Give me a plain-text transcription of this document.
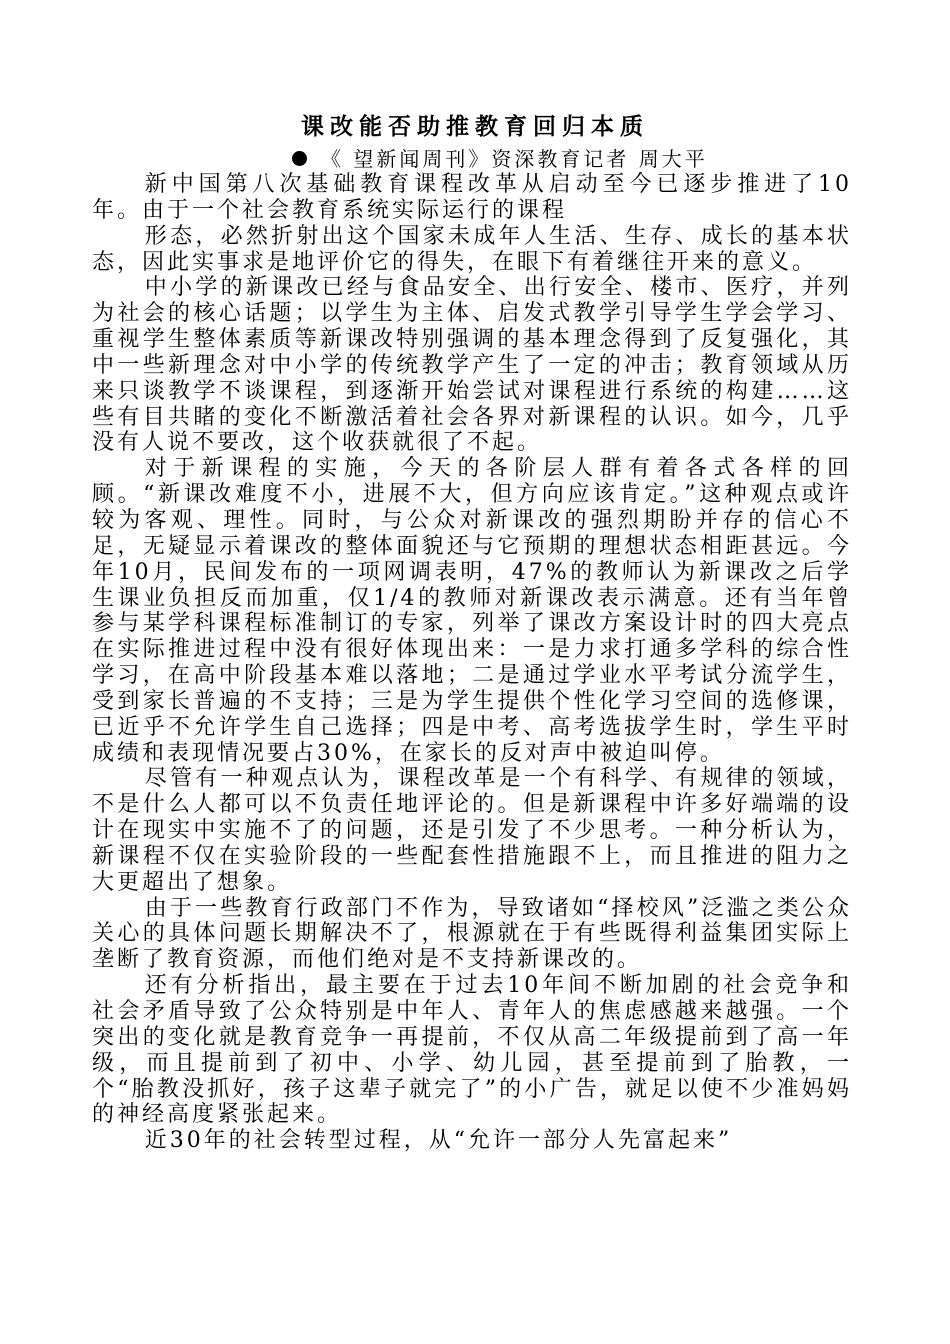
课改能否助推教育回归本质
《 望新闻周刊》资深教育记者 周大平

新中国第八次基础教育课程改革从启动至今已逐步推进了10年。由于一个社会教育系统实际运行的课程

形态，必然折射出这个国家未成年人生活、生存、成长的基本状态，因此实事求是地评价它的得失，在眼下有着继往开来的意义。

中小学的新课改已经与食品安全、出行安全、楼市、医疗，并列为社会的核心话题；以学生为主体、启发式教学引导学生学会学习、重视学生整体素质等新课改特别强调的基本理念得到了反复强化，其中一些新理念对中小学的传统教学产生了一定的冲击；教育领域从历来只谈教学不谈课程，到逐渐开始尝试对课程进行系统的构建……这些有目共睹的变化不断激活着社会各界对新课程的认识。如今，几乎没有人说不要改，这个收获就很了不起。

对于新课程的实施，今天的各阶层人群有着各式各样的回顾。“新课改难度不小，进展不大，但方向应该肯定。”这种观点或许较为客观、理性。同时，与公众对新课改的强烈期盼并存的信心不足，无疑显示着课改的整体面貌还与它预期的理想状态相距甚远。今年10月，民间发布的一项网调表明，47%的教师认为新课改之后学生课业负担反而加重，仅1/4的教师对新课改表示满意。还有当年曾参与某学科课程标准制订的专家，列举了课改方案设计时的四大亮点在实际推进过程中没有很好体现出来：一是力求打通多学科的综合性学习，在高中阶段基本难以落地；二是通过学业水平考试分流学生，受到家长普遍的不支持；三是为学生提供个性化学习空间的选修课，已近乎不允许学生自己选择；四是中考、高考选拔学生时，学生平时成绩和表现情况要占30%，在家长的反对声中被迫叫停。

尽管有一种观点认为，课程改革是一个有科学、有规律的领域，不是什么人都可以不负责任地评论的。但是新课程中许多好端端的设计在现实中实施不了的问题，还是引发了不少思考。一种分析认为，新课程不仅在实验阶段的一些配套性措施跟不上，而且推进的阻力之大更超出了想象。

由于一些教育行政部门不作为，导致诸如“择校风”泛滥之类公众关心的具体问题长期解决不了，根源就在于有些既得利益集团实际上垄断了教育资源，而他们绝对是不支持新课改的。

还有分析指出，最主要在于过去10年间不断加剧的社会竞争和社会矛盾导致了公众特别是中年人、青年人的焦虑感越来越强。一个突出的变化就是教育竞争一再提前，不仅从高二年级提前到了高一年级，而且提前到了初中、小学、幼儿园，甚至提前到了胎教，一个“胎教没抓好，孩子这辈子就完了”的小广告，就足以使不少准妈妈的神经高度紧张起来。

近30年的社会转型过程，从“允许一部分人先富起来”
